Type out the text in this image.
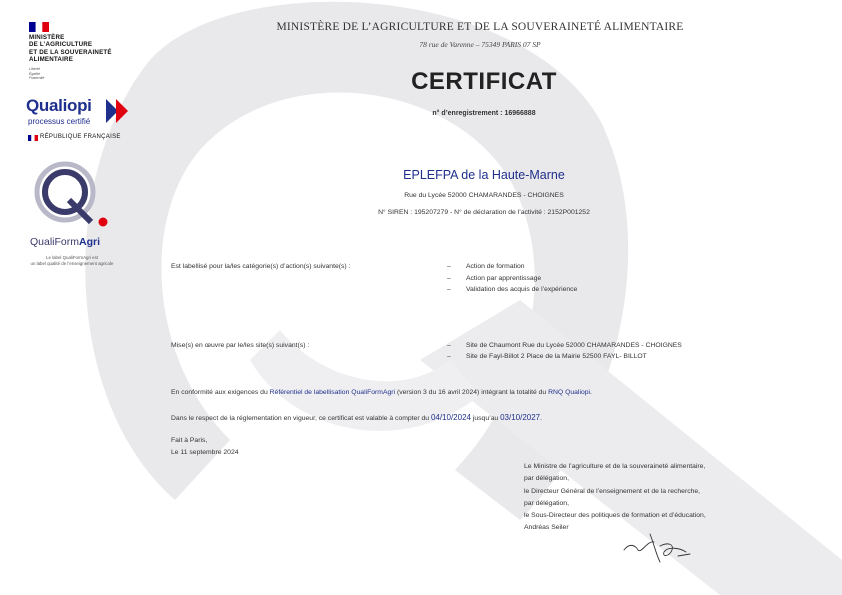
MINISTÈRE
DE L’AGRICULTURE
ET DE LA SOUVERAINETÉ
ALIMENTAIRE
Liberté
Égalité
Fraternité
Qualiopi
processus certifié
RÉPUBLIQUE FRANÇAISE
QualiFormAgri
Le label QualiFormAgri est
un label qualité de l’enseignement agricole
MINISTÈRE DE L’AGRICULTURE ET DE LA SOUVERAINETÉ ALIMENTAIRE
78 rue de Varenne – 75349 PARIS 07 SP
CERTIFICAT
n° d’enregistrement : 16966888
EPLEFPA de la Haute-Marne
Rue du Lycée 52000 CHAMARANDES - CHOIGNES
N° SIREN : 195207279 - N° de déclaration de l’activité : 2152P001252
Est labellisé pour la/les catégorie(s) d’action(s) suivante(s) :	– Action de formation
– Action par apprentissage
– Validation des acquis de l’expérience
Mise(s) en œuvre par le/les site(s) suivant(s) :	– Site de Chaumont Rue du Lycée 52000 CHAMARANDES - CHOIGNES
– Site de Fayl-Billot 2 Place de la Mairie 52500 FAYL- BILLOT
En conformité aux exigences du Référentiel de labellisation QualiFormAgri (version 3 du 16 avril 2024) intégrant la totalité du RNQ Qualiopi.
Dans le respect de la réglementation en vigueur, ce certificat est valable à compter du 04/10/2024 jusqu’au 03/10/2027.
Fait à Paris,
Le 11 septembre 2024
Le Ministre de l’agriculture et de la souveraineté alimentaire,
par délégation,
le Directeur Général de l’enseignement et de la recherche,
par délégation,
le Sous-Directeur des politiques de formation et d’éducation,
Andréas Seiler
